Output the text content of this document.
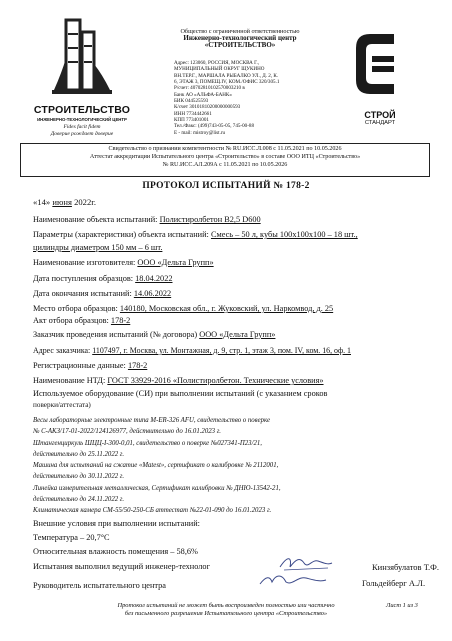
СТРОИТЕЛЬСТВО
ИНЖЕНЕРНО-ТЕХНОЛОГИЧЕСКИЙ ЦЕНТР
Fides facit fidem
Доверие рождает доверие
Общество с ограниченной ответственностью
Инженерно-технологический центр
«СТРОИТЕЛЬСТВО»
Адрес: 123060, РОССИЯ, МОСКВА Г.,
МУНИЦИПАЛЬНЫЙ ОКРУГ ЩУКИНО
ВН.ТЕР.Г., МАРШАЛА РЫБАЛКО УЛ., Д. 2, К.
6, ЭТАЖ 3, ПОМЕЩ.IV, КОМ./ОФИС 320/305.1
Р/счет: 40702810102570003210 в
Банк АО «АЛЬФА-БАНК»
БИК 044525593
К/счет 30101810200000000593
ИНН 7734442661
КПП 773401001
Тел./Факс: (499)743-05-05, 745-00-88
E - mail: mistroy@list.ru
СТРОЙ
СТАНДАРТ
Свидетельство о признании компетентности № RU.ИСС.Л.008 с 11.05.2021 по 10.05.2026
Аттестат аккредитации Испытательного центра «Строительство» в составе ООО ИТЦ «Строительство»
№ RU.ИСС.АЛ.209А с 11.05.2021 по 10.05.2026
ПРОТОКОЛ ИСПЫТАНИЙ № 178-2
«14» июня 2022г.
Наименование объекта испытаний: Полистиролбетон В2,5 D600
Параметры (характеристики) объекта испытаний: Смесь – 50 л, кубы 100х100х100 – 18 шт.,
цилиндры диаметром 150 мм – 6 шт.
Наименование изготовителя: ООО «Дельта Групп»
Дата поступления образцов: 18.04.2022
Дата окончания испытаний: 14.06.2022
Место отбора образцов: 140180, Московская обл., г. Жуковский, ул. Наркомвод, д. 25
Акт отбора образцов: 178-2
Заказчик проведения испытаний (№ договора) ООО «Дельта Групп»
Адрес заказчика: 1107497, г. Москва, ул. Монтажная, д. 9, стр. 1, этаж 3, пом. IV, ком. 16, оф. 1
Регистрационные данные: 178-2
Наименование НТД: ГОСТ 33929-2016 «Полистиролбетон. Технические условия»
Используемое оборудование (СИ) при выполнении испытаний (с указанием сроков
поверки/аттестата)
Весы лабораторные электронные типа M-ER-326 AFU, свидетельство о поверке
№ С-АКЗ/17-01-2022/124126977, действительно до 16.01.2023 г.
Штангенциркуль ШЦЦ-I-300-0,01, свидетельство о поверке №027341-П23/21,
действительно до 25.11.2022 г.
Машина для испытаний на сжатие «Matest», сертификат о калибровке № 2112001,
действительно до 30.11.2022 г.
Линейка измерительная металлическая, Сертификат калибровки № ДНЮ-13542-21,
действительно до 24.11.2022 г.
Климатическая камера СМ-55/50-250-СБ аттестат №22-01-090 до 16.01.2023 г.
Внешние условия при выполнении испытаний:
Температура – 20,7°С
Относительная влажность помещения – 58,6%
Испытания выполнил ведущий инженер-технолог	Кинзябулатов Т.Ф.
Руководитель испытательного центра	Гольдейберг А.Л.
Протокол испытаний не может быть воспроизведен полностью или частично
без письменного разрешения Испытательного центра «Строительство»
Лист 1 из 3
